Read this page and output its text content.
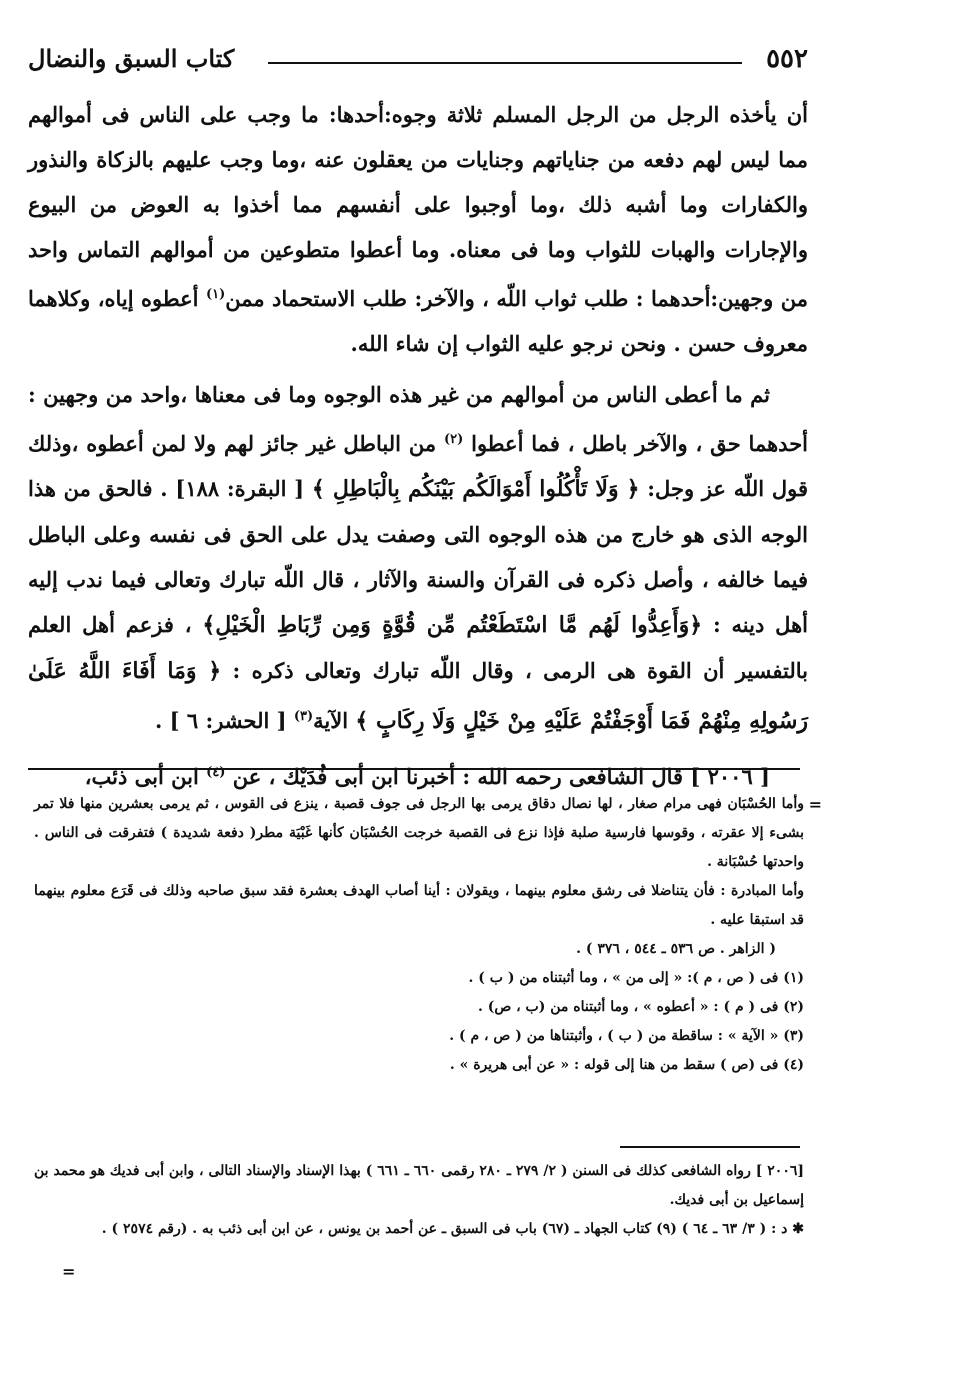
٥٥٢
كتاب السبق والنضال

أن يأخذه الرجل من الرجل المسلم ثلاثة وجوه:أحدها: ما وجب على الناس فى أموالهم مما ليس لهم دفعه من جناياتهم وجنايات من يعقلون عنه ،وما وجب عليهم بالزكاة والنذور والكفارات وما أشبه ذلك ،وما أوجبوا على أنفسهم مما أخذوا به العوض من البيوع والإجارات والهبات للثواب وما فى معناه. وما أعطوا متطوعين من أموالهم التماس واحد من وجهين:أحدهما : طلب ثواب اللّه ، والآخر: طلب الاستحماد ممن$^{(١)}$ أعطوه إياه، وكلاهما معروف حسن . ونحن نرجو عليه الثواب إن شاء الله.

ثم ما أعطى الناس من أموالهم من غير هذه الوجوه وما فى معناها ،واحد من وجهين : أحدهما حق ، والآخر باطل ، فما أعطوا $^{(٢)}$ من الباطل غير جائز لهم ولا لمن أعطوه ،وذلك قول اللّه عز وجل: ﴿ وَلَا تَأْكُلُوا أَمْوَالَكُم بَيْنَكُم بِالْبَاطِلِ ﴾ [ البقرة: ١٨٨] . فالحق من هذا الوجه الذى هو خارج من هذه الوجوه التى وصفت يدل على الحق فى نفسه وعلى الباطل فيما خالفه ، وأصل ذكره فى القرآن والسنة والآثار ، قال اللّه تبارك وتعالى فيما ندب إليه أهل دينه : ﴿وَأَعِدُّوا لَهُم مَّا اسْتَطَعْتُم مِّن قُوَّةٍ وَمِن رِّبَاطِ الْخَيْلِ﴾ ، فزعم أهل العلم بالتفسير أن القوة هى الرمى ، وقال اللّه تبارك وتعالى ذكره : ﴿ وَمَا أَفَاءَ اللَّهُ عَلَىٰ رَسُولِهِ مِنْهُمْ فَمَا أَوْجَفْتُمْ عَلَيْهِ مِنْ خَيْلٍ وَلَا رِكَابٍ ﴾ الآية$^{(٣)}$ [ الحشر: ٦ ] .

[ ٢٠٠٦ ] قال الشافعى رحمه الله : أخبرنا ابن أبى فُدَيْك ، عن $^{(٤)}$ ابن أبى ذئب،

=

وأما الحُسْبَان فهى مرام صغار ، لها نصال دقاق يرمى بها الرجل فى جوف قصبة ، ينزع فى القوس ، ثم يرمى بعشرين منها فلا تمر بشىء إلا عقرته ، وقوسها فارسية صلبة فإذا نزع فى القصبة خرجت الحُسْبَان كأنها غَبْيَة مطر( دفعة شديدة ) فتفرقت فى الناس . واحدتها حُسْبَانة .

وأما المبادرة : فأن يتناضلا فى رشق معلوم بينهما ، ويقولان : أينا أصاب الهدف بعشرة فقد سبق صاحبه وذلك فى قَرَع معلوم بينهما قد استبقا عليه .

( الزاهر . ص ٥٣٦ ـ ٥٤٤ ، ٣٧٦ ) .

(١) فى ( ص ، م ): « إلى من » ، وما أثبتناه من ( ب ) .

(٢) فى ( م ) : « أعطوه » ، وما أثبتناه من (ب ، ص) .

(٣) « الآية » : ساقطة من ( ب ) ، وأثبتناها من ( ص ، م ) .

(٤) فى (ص ) سقط من هنا إلى قوله : « عن أبى هريرة » .

[٢٠٠٦ ] رواه الشافعى كذلك فى السنن ( ٢/ ٢٧٩ ـ ٢٨٠ رقمى ٦٦٠ ـ ٦٦١ ) بهذا الإسناد والإسناد التالى ، وابن أبى فديك هو محمد بن إسماعيل بن أبى فديك.

✱ د : ( ٣/ ٦٣ ـ ٦٤ ) (٩) كتاب الجهاد ـ (٦٧) باب فى السبق ـ عن أحمد بن يونس ، عن ابن أبى ذئب به . (رقم ٢٥٧٤ ) .

=
